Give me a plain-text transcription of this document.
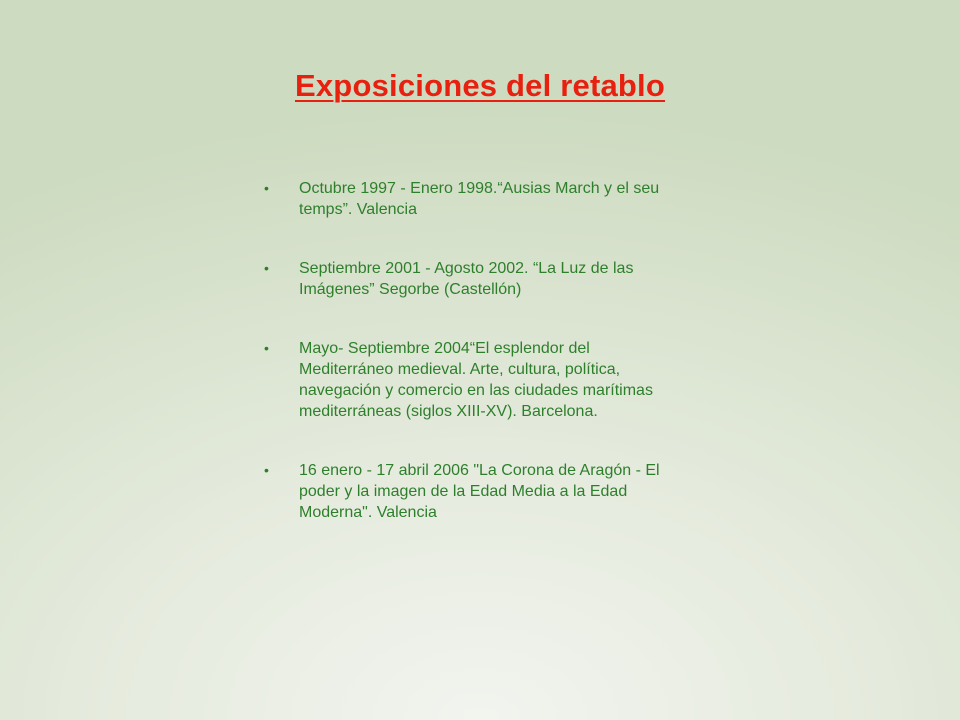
Exposiciones del retablo
• Octubre 1997 - Enero 1998.“Ausias March y el seu temps”. Valencia
• Septiembre 2001 - Agosto 2002. “La Luz de las Imágenes” Segorbe (Castellón)
• Mayo- Septiembre 2004“El esplendor del Mediterráneo medieval. Arte, cultura, política, navegación y comercio en las ciudades marítimas mediterráneas (siglos XIII-XV). Barcelona.
• 16 enero - 17 abril 2006 "La Corona de Aragón - El poder y la imagen de la Edad Media a la Edad Moderna". Valencia
